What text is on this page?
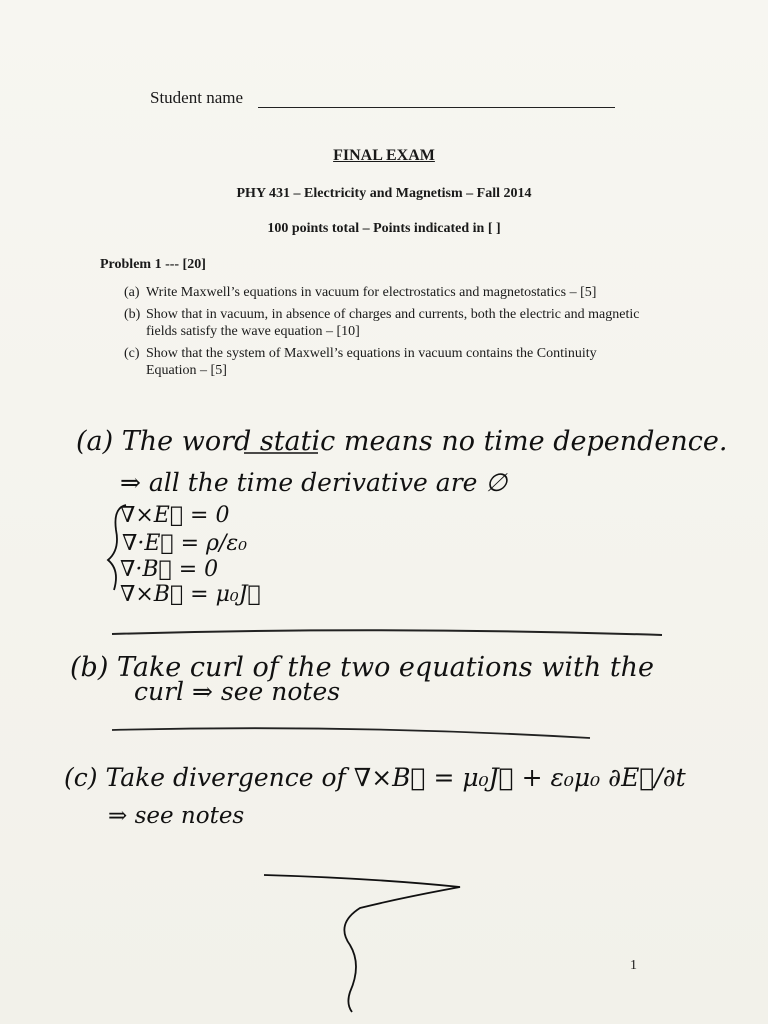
Student name
FINAL EXAM
PHY 431 – Electricity and Magnetism – Fall 2014
100 points total – Points indicated in [ ]
Problem 1 --- [20]
(a) Write Maxwell’s equations in vacuum for electrostatics and magnetostatics – [5]
(b) Show that in vacuum, in absence of charges and currents, both the electric and magnetic fields satisfy the wave equation – [10]
(c) Show that the system of Maxwell’s equations in vacuum contains the Continuity Equation – [5]
(a) The word static means no time dependence.
⇒ all the time derivative are ∅
∇×E⃗ = 0
∇·E⃗ = ρ/ε₀
∇·B⃗ = 0
∇×B⃗ = μ₀J⃗
(b) Take curl of the two equations with the
curl ⇒ see notes
(c) Take divergence of ∇×B⃗ = μ₀J⃗ + ε₀μ₀ ∂E⃗/∂t
⇒ see notes
1
